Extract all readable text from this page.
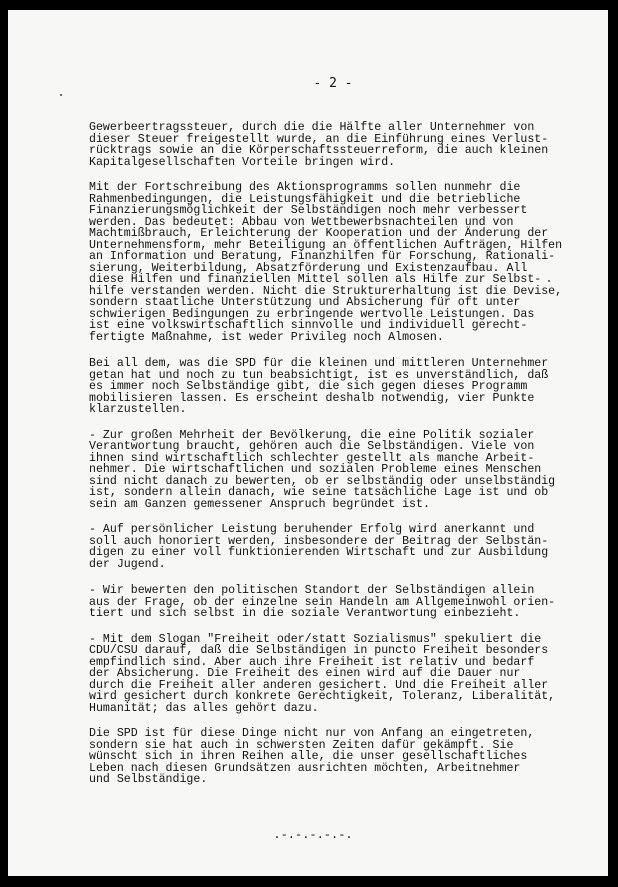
- 2 -

Gewerbeertragssteuer, durch die die Hälfte aller Unternehmer von
dieser Steuer freigestellt wurde, an die Einführung eines Verlust-
rücktrags sowie an die Körperschaftssteuerreform, die auch kleinen
Kapitalgesellschaften Vorteile bringen wird.

Mit der Fortschreibung des Aktionsprogramms sollen nunmehr die
Rahmenbedingungen, die Leistungsfähigkeit und die betriebliche
Finanzierungsmöglichkeit der Selbständigen noch mehr verbessert
werden. Das bedeutet: Abbau von Wettbewerbsnachteilen und von
Machtmißbrauch, Erleichterung der Kooperation und der Änderung der
Unternehmensform, mehr Beteiligung an öffentlichen Aufträgen, Hilfen
an Information und Beratung, Finanzhilfen für Forschung, Rationali-
sierung, Weiterbildung, Absatzförderung und Existenzaufbau. All
diese Hilfen und finanziellen Mittel sollen als Hilfe zur Selbst-
hilfe verstanden werden. Nicht die Strukturerhaltung ist die Devise,
sondern staatliche Unterstützung und Absicherung für oft unter
schwierigen Bedingungen zu erbringende wertvolle Leistungen. Das
ist eine volkswirtschaftlich sinnvolle und individuell gerecht-
fertigte Maßnahme, ist weder Privileg noch Almosen.

Bei all dem, was die SPD für die kleinen und mittleren Unternehmer
getan hat und noch zu tun beabsichtigt, ist es unverständlich, daß
es immer noch Selbständige gibt, die sich gegen dieses Programm
mobilisieren lassen. Es erscheint deshalb notwendig, vier Punkte
klarzustellen.

- Zur großen Mehrheit der Bevölkerung, die eine Politik sozialer
Verantwortung braucht, gehören auch die Selbständigen. Viele von
ihnen sind wirtschaftlich schlechter gestellt als manche Arbeit-
nehmer. Die wirtschaftlichen und sozialen Probleme eines Menschen
sind nicht danach zu bewerten, ob er selbständig oder unselbständig
ist, sondern allein danach, wie seine tatsächliche Lage ist und ob
sein am Ganzen gemessener Anspruch begründet ist.

- Auf persönlicher Leistung beruhender Erfolg wird anerkannt und
soll auch honoriert werden, insbesondere der Beitrag der Selbstän-
digen zu einer voll funktionierenden Wirtschaft und zur Ausbildung
der Jugend.

- Wir bewerten den politischen Standort der Selbständigen allein
aus der Frage, ob der einzelne sein Handeln am Allgemeinwohl orien-
tiert und sich selbst in die soziale Verantwortung einbezieht.

- Mit dem Slogan "Freiheit oder/statt Sozialismus" spekuliert die
CDU/CSU darauf, daß die Selbständigen in puncto Freiheit besonders
empfindlich sind. Aber auch ihre Freiheit ist relativ und bedarf
der Absicherung. Die Freiheit des einen wird auf die Dauer nur
durch die Freiheit aller anderen gesichert. Und die Freiheit aller
wird gesichert durch konkrete Gerechtigkeit, Toleranz, Liberalität,
Humanität; das alles gehört dazu.

Die SPD ist für diese Dinge nicht nur von Anfang an eingetreten,
sondern sie hat auch in schwersten Zeiten dafür gekämpft. Sie
wünscht sich in ihren Reihen alle, die unser gesellschaftliches
Leben nach diesen Grundsätzen ausrichten möchten, Arbeitnehmer
und Selbständige.

.-.-.-.-.-.
